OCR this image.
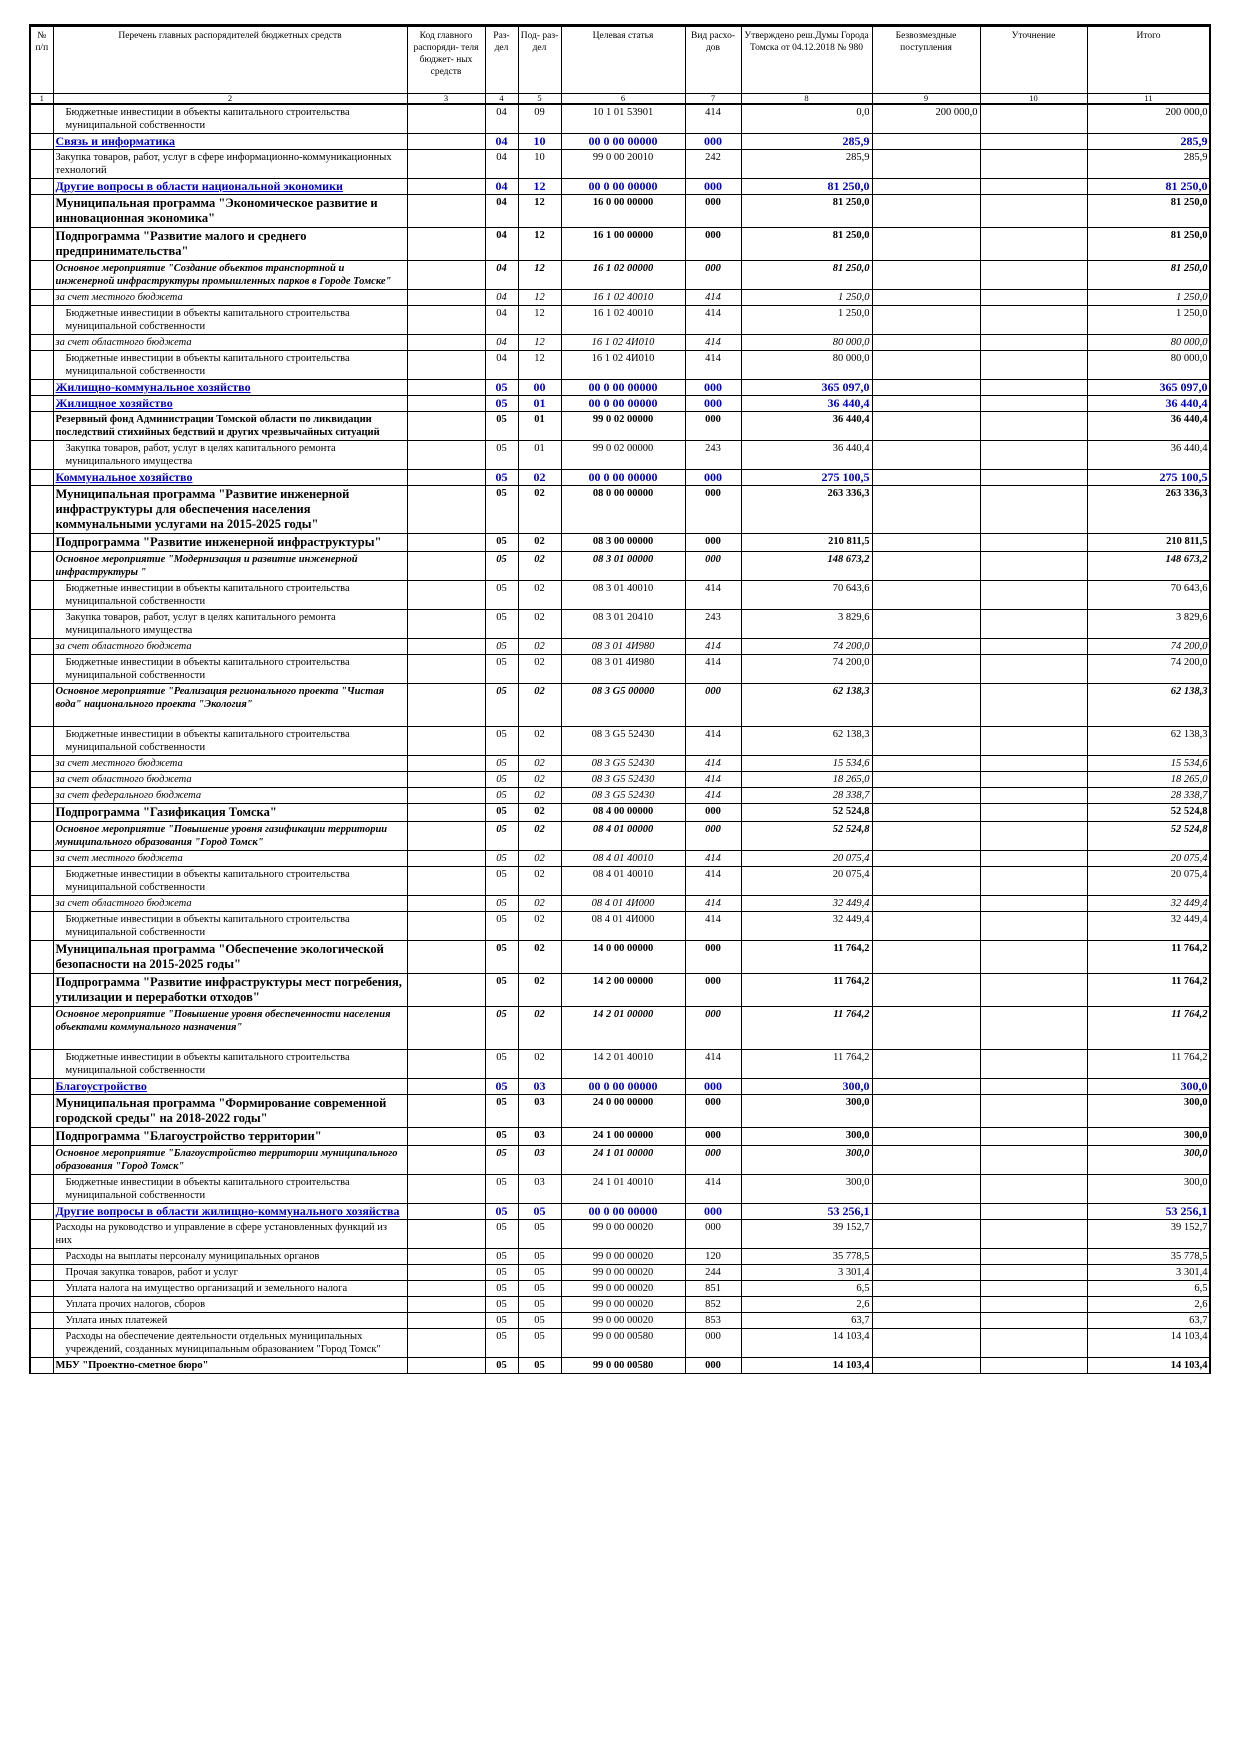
№ п/п	Перечень главных распорядителей бюджетных средств	Код главного распоряди- теля бюджет- ных средств	Раз- дел	Под- раз- дел	Целевая статья	Вид расхо- дов	Утверждено реш.Думы Города Томска от 04.12.2018 № 980	Безвозмездные поступления	Уточнение	Итого
1	2	3	4	5	6	7	8	9	10	11
	Бюджетные инвестиции в объекты капитального строительства муниципальной собственности		04	09	10 1 01 53901	414	0,0	200 000,0		200 000,0
	Связь и информатика		04	10	00 0 00 00000	000	285,9			285,9
	Закупка товаров, работ, услуг в сфере информационно-коммуникационных технологий		04	10	99 0 00 20010	242	285,9			285,9
	Другие вопросы в области национальной экономики		04	12	00 0 00 00000	000	81 250,0			81 250,0
	Муниципальная программа "Экономическое развитие и инновационная экономика"		04	12	16 0 00 00000	000	81 250,0			81 250,0
	Подпрограмма "Развитие малого и среднего предпринимательства"		04	12	16 1 00 00000	000	81 250,0			81 250,0
	Основное мероприятие "Создание объектов транспортной и инженерной инфраструктуры промышленных парков в Городе Томске"		04	12	16 1 02 00000	000	81 250,0			81 250,0
	за счет местного бюджета		04	12	16 1 02 40010	414	1 250,0			1 250,0
	Бюджетные инвестиции в объекты капитального строительства муниципальной собственности		04	12	16 1 02 40010	414	1 250,0			1 250,0
	за счет областного бюджета		04	12	16 1 02 4И010	414	80 000,0			80 000,0
	Бюджетные инвестиции в объекты капитального строительства муниципальной собственности		04	12	16 1 02 4И010	414	80 000,0			80 000,0
	Жилищно-коммунальное хозяйство		05	00	00 0 00 00000	000	365 097,0			365 097,0
	Жилищное хозяйство		05	01	00 0 00 00000	000	36 440,4			36 440,4
	Резервный фонд Администрации Томской области по ликвидации последствий стихийных бедствий и других чрезвычайных ситуаций		05	01	99 0 02 00000	000	36 440,4			36 440,4
	Закупка товаров, работ, услуг в целях капитального ремонта муниципального имущества		05	01	99 0 02 00000	243	36 440,4			36 440,4
	Коммунальное хозяйство		05	02	00 0 00 00000	000	275 100,5			275 100,5
	Муниципальная программа "Развитие инженерной инфраструктуры для обеспечения населения коммунальными услугами на 2015-2025 годы"		05	02	08 0 00 00000	000	263 336,3			263 336,3
	Подпрограмма "Развитие инженерной инфраструктуры"		05	02	08 3 00 00000	000	210 811,5			210 811,5
	Основное мероприятие "Модернизация и развитие инженерной инфраструктуры "		05	02	08 3 01 00000	000	148 673,2			148 673,2
	Бюджетные инвестиции в объекты капитального строительства муниципальной собственности		05	02	08 3 01 40010	414	70 643,6			70 643,6
	Закупка товаров, работ, услуг в целях капитального ремонта муниципального имущества		05	02	08 3 01 20410	243	3 829,6			3 829,6
	за счет областного бюджета		05	02	08 3 01 4И980	414	74 200,0			74 200,0
	Бюджетные инвестиции в объекты капитального строительства муниципальной собственности		05	02	08 3 01 4И980	414	74 200,0			74 200,0
	Основное мероприятие "Реализация регионального проекта "Чистая вода" национального проекта "Экология"		05	02	08 3 G5 00000	000	62 138,3			62 138,3
	Бюджетные инвестиции в объекты капитального строительства муниципальной собственности		05	02	08 3 G5 52430	414	62 138,3			62 138,3
	за счет местного бюджета		05	02	08 3 G5 52430	414	15 534,6			15 534,6
	за счет областного бюджета		05	02	08 3 G5 52430	414	18 265,0			18 265,0
	за счет федерального бюджета		05	02	08 3 G5 52430	414	28 338,7			28 338,7
	Подпрограмма "Газификация Томска"		05	02	08 4 00 00000	000	52 524,8			52 524,8
	Основное мероприятие "Повышение уровня газификации территории муниципального образования "Город Томск"		05	02	08 4 01 00000	000	52 524,8			52 524,8
	за счет местного бюджета		05	02	08 4 01 40010	414	20 075,4			20 075,4
	Бюджетные инвестиции в объекты капитального строительства муниципальной собственности		05	02	08 4 01 40010	414	20 075,4			20 075,4
	за счет областного бюджета		05	02	08 4 01 4И000	414	32 449,4			32 449,4
	Бюджетные инвестиции в объекты капитального строительства муниципальной собственности		05	02	08 4 01 4И000	414	32 449,4			32 449,4
	Муниципальная программа "Обеспечение экологической безопасности на 2015-2025 годы"		05	02	14 0 00 00000	000	11 764,2			11 764,2
	Подпрограмма "Развитие инфраструктуры мест погребения, утилизации и переработки отходов"		05	02	14 2 00 00000	000	11 764,2			11 764,2
	Основное мероприятие "Повышение уровня обеспеченности населения объектами коммунального назначения"		05	02	14 2 01 00000	000	11 764,2			11 764,2
	Бюджетные инвестиции в объекты капитального строительства муниципальной собственности		05	02	14 2 01 40010	414	11 764,2			11 764,2
	Благоустройство		05	03	00 0 00 00000	000	300,0			300,0
	Муниципальная программа "Формирование современной городской среды" на 2018-2022 годы"		05	03	24 0 00 00000	000	300,0			300,0
	Подпрограмма "Благоустройство территории"		05	03	24 1 00 00000	000	300,0			300,0
	Основное мероприятие "Благоустройство территории муниципального образования "Город Томск"		05	03	24 1 01 00000	000	300,0			300,0
	Бюджетные инвестиции в объекты капитального строительства муниципальной собственности		05	03	24 1 01 40010	414	300,0			300,0
	Другие вопросы в области жилищно-коммунального хозяйства		05	05	00 0 00 00000	000	53 256,1			53 256,1
	Расходы на руководство и управление в сфере установленных функций из них		05	05	99 0 00 00020	000	39 152,7			39 152,7
	Расходы на выплаты персоналу муниципальных органов		05	05	99 0 00 00020	120	35 778,5			35 778,5
	Прочая закупка товаров, работ и услуг		05	05	99 0 00 00020	244	3 301,4			3 301,4
	Уплата налога на имущество организаций и земельного налога		05	05	99 0 00 00020	851	6,5			6,5
	Уплата прочих налогов, сборов		05	05	99 0 00 00020	852	2,6			2,6
	Уплата иных платежей		05	05	99 0 00 00020	853	63,7			63,7
	Расходы на обеспечение деятельности отдельных муниципальных учреждений, созданных муниципальным образованием "Город Томск"		05	05	99 0 00 00580	000	14 103,4			14 103,4
	МБУ "Проектно-сметное бюро"		05	05	99 0 00 00580	000	14 103,4			14 103,4
